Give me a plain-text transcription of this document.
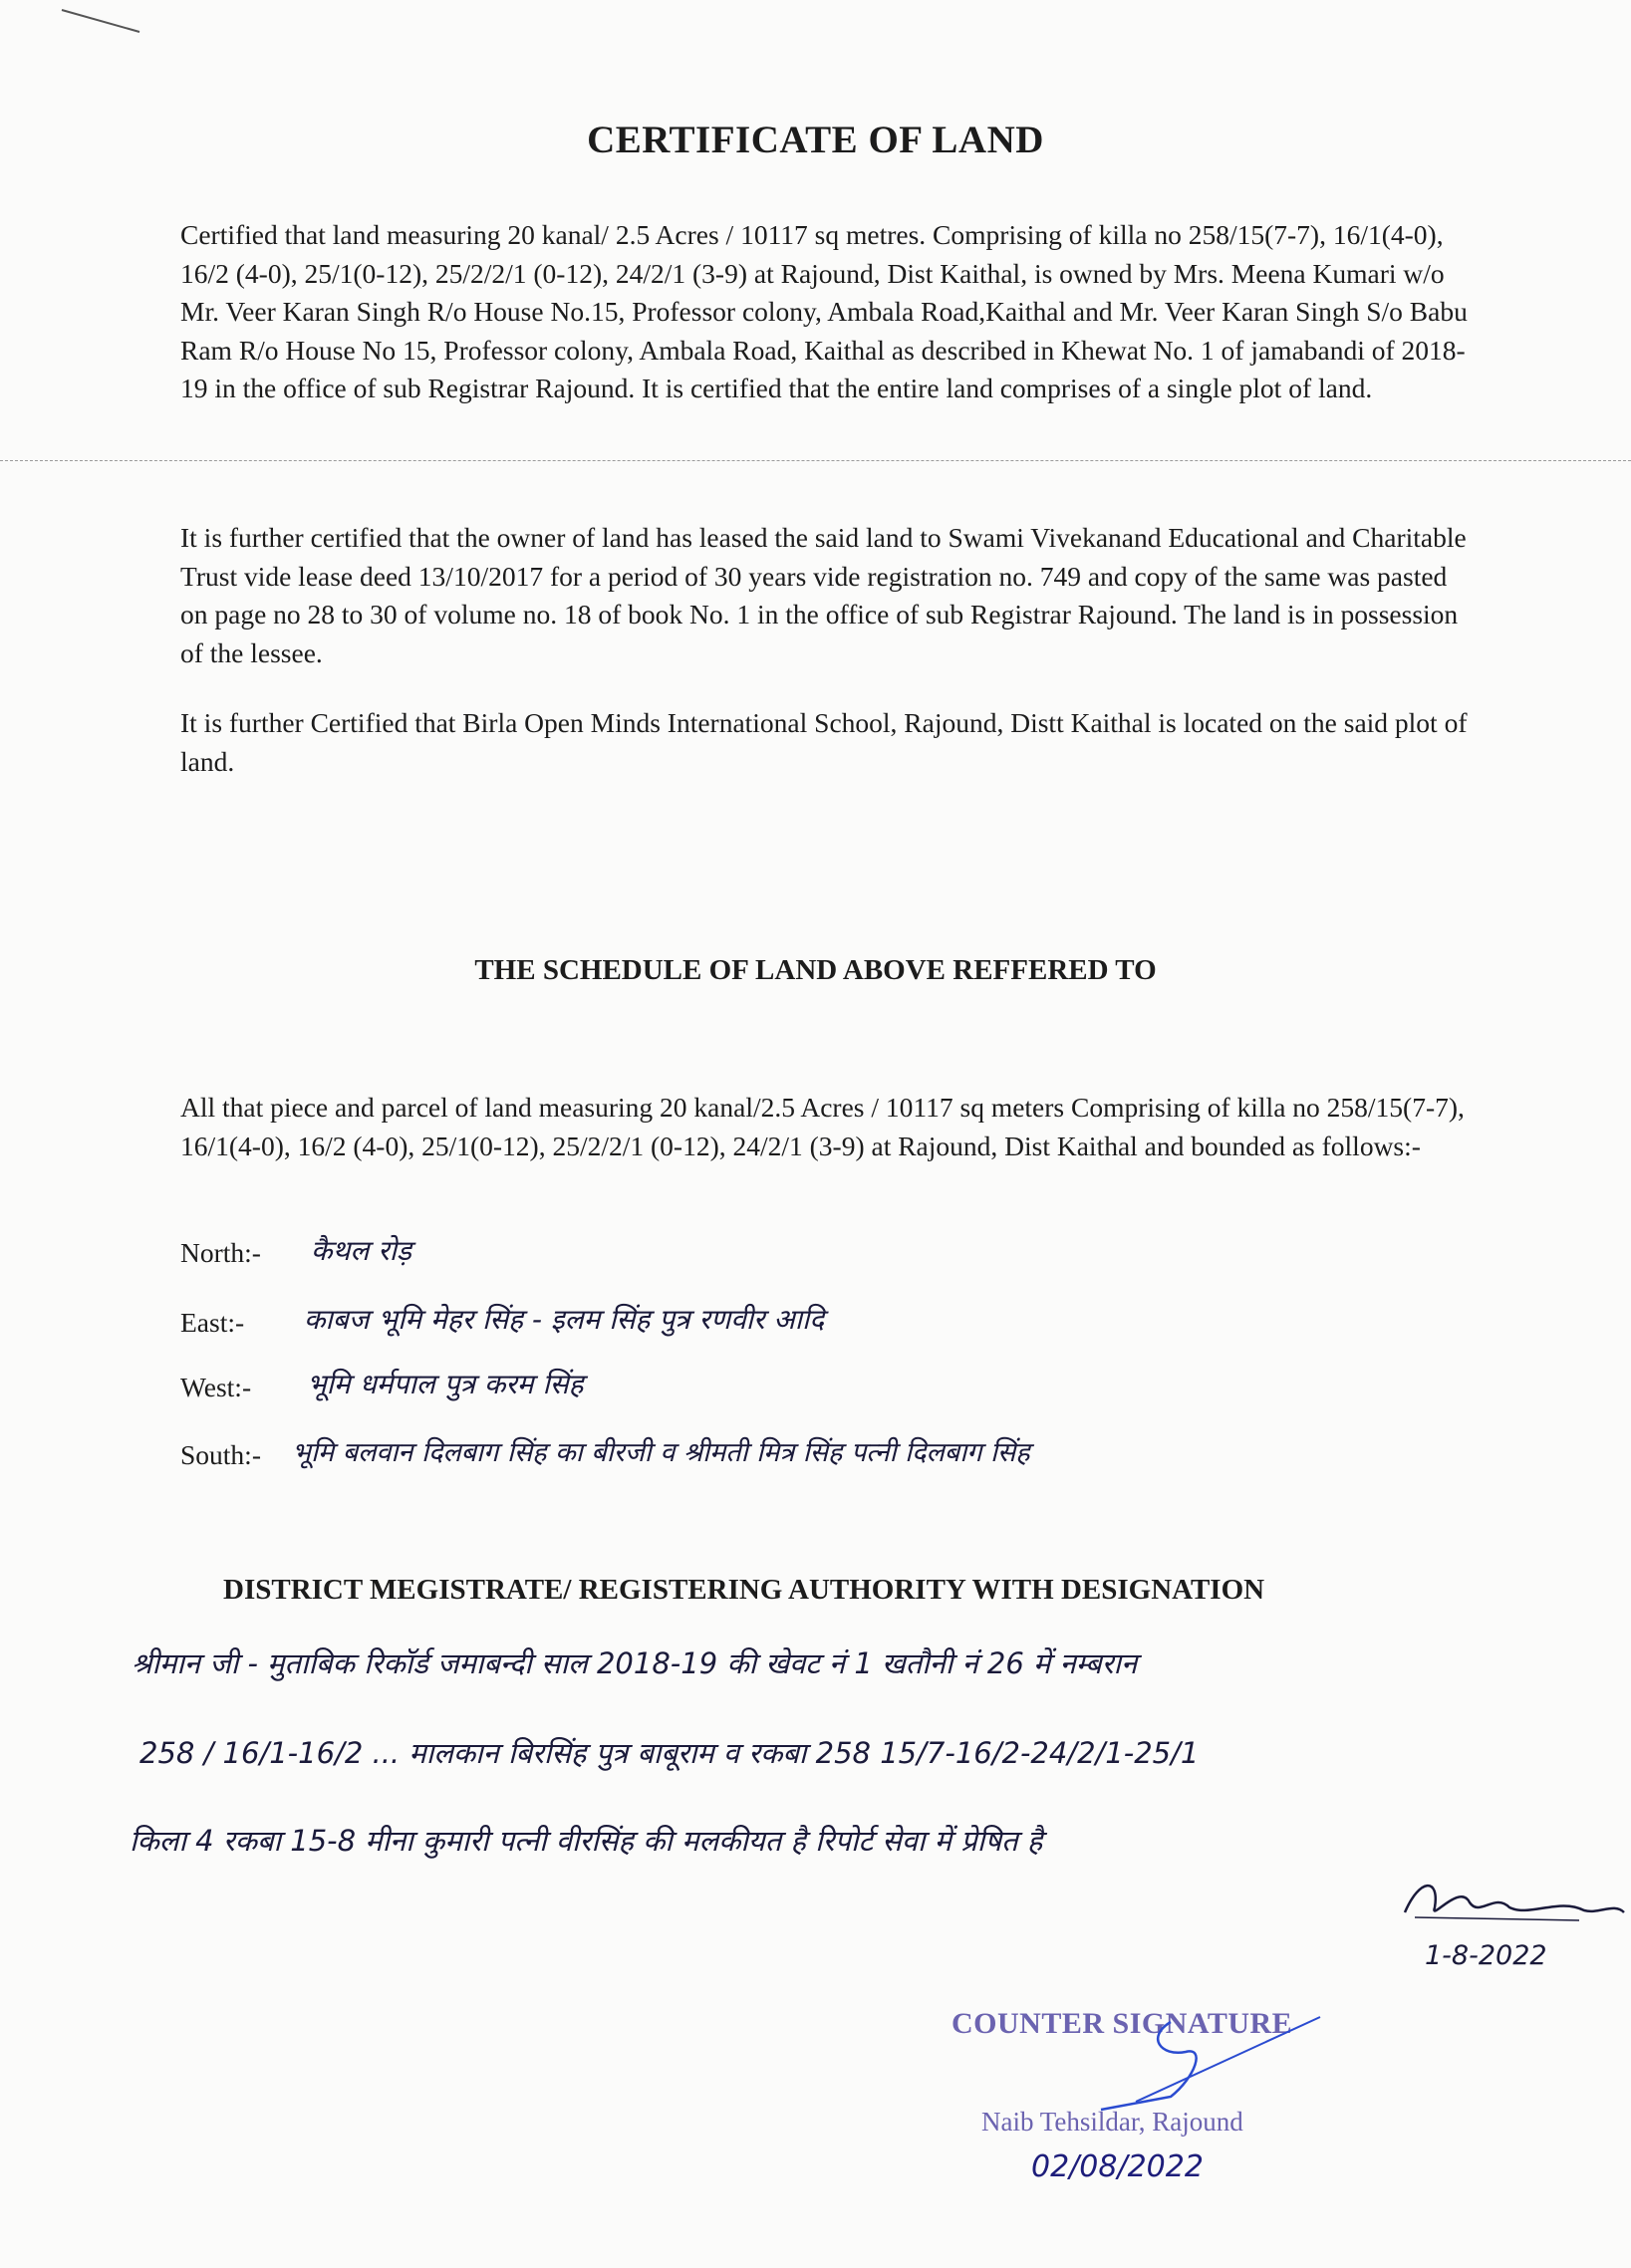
CERTIFICATE OF LAND
Certified that land measuring 20 kanal/ 2.5 Acres / 10117 sq metres. Comprising of killa no 258/15(7-7), 16/1(4-0), 16/2 (4-0), 25/1(0-12), 25/2/2/1 (0-12), 24/2/1 (3-9) at Rajound, Dist Kaithal, is owned by Mrs. Meena Kumari w/o Mr. Veer Karan Singh R/o House No.15, Professor colony, Ambala Road,Kaithal and Mr. Veer Karan Singh S/o Babu Ram R/o House No 15, Professor colony, Ambala Road, Kaithal as described in Khewat No. 1 of jamabandi of 2018-19 in the office of sub Registrar Rajound. It is certified that the entire land comprises of a single plot of land.
It is further certified that the owner of land has leased the said land to Swami Vivekanand Educational and Charitable Trust vide lease deed 13/10/2017 for a period of 30 years vide registration no. 749 and copy of the same was pasted on page no 28 to 30 of volume no. 18 of book No. 1 in the office of sub Registrar Rajound. The land is in possession of the lessee.
It is further Certified that Birla Open Minds International School, Rajound, Distt Kaithal is located on the said plot of land.
THE SCHEDULE OF LAND ABOVE REFFERED TO
All that piece and parcel of land measuring 20 kanal/2.5 Acres / 10117 sq meters Comprising of killa no 258/15(7-7), 16/1(4-0), 16/2 (4-0), 25/1(0-12), 25/2/2/1 (0-12), 24/2/1 (3-9) at Rajound, Dist Kaithal and bounded as follows:-
North:- कैथल रोड़
East:- काबज भूमि मेहर सिंह - इलम सिंह पुत्र रणवीर आदि
West:- भूमि धर्मपाल पुत्र करम सिंह
South:- भूमि बलवान दिलबाग सिंह का बीरजी व श्रीमती मित्र सिंह पत्नी दिलबाग सिंह
DISTRICT MEGISTRATE/ REGISTERING AUTHORITY WITH DESIGNATION
श्रीमान जी - मुताबिक रिकॉर्ड जमाबन्दी साल 2018-19 की खेवट नं 1 खतौनी नं 26 में नम्बरान
258 / 16/1-16/2 ... मालकान बिरसिंह पुत्र बाबूराम व रकबा 258 15/7-16/2-24/2/1-25/1
किला 4 रकबा 15-8 मीना कुमारी पत्नी वीरसिंह की मलकीयत है रिपोर्ट सेवा में प्रेषित है
1-8-2022
COUNTER SIGNATURE
Naib Tehsildar, Rajound
02/08/2022
